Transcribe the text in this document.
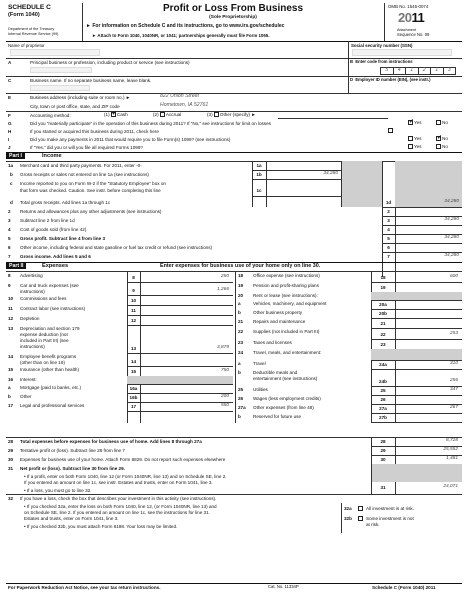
SCHEDULE C
(Form 1040)
Department of the Treasury
Internal Revenue Service (99)
Profit or Loss From Business
(Sole Proprietorship)
► For information on Schedule C and its instructions, go to www.irs.gov/schedulec
► Attach to Form 1040, 1040NR, or 1041; partnerships generally must file Form 1065.
OMB No. 1545-0074
2011
Attachment
Sequence No. 09
Name of proprietor	Social security number (SSN)
A	Principal business or profession, including product or service (see instructions)	B Enter code from instructions
5	4	1	2	1	3
C	Business name. If no separate business name, leave blank.	D Employer ID number (EIN), (see instr.)
E	Business address (including suite or room no.) ►	822 Union Street
City, town or post office, state, and ZIP code	Hometown, IA 52761
F	Accounting method:	(1) ✓ Cash	(2) Accrual	(3) Other (specify) ►
G	Did you “materially participate” in the operation of this business during 2011? If “No,” see instructions for limit on losses ✓	Yes	No
H	If you started or acquired this business during 2011, check here
I	Did you make any payments in 2011 that would require you to file Form(s) 1099? (see instructions)	Yes ✓	No
J	If “Yes,” did you or will you file all required Forms 1099?	Yes	No
Part I	Income
1a Merchant card and third party payments. For 2011, enter -0-	1a
b Gross receipts or sales not entered on line 1a (see instructions)	1b	34,280
c Income reported to you on Form W-2 if the “Statutory Employee” box on
that form was checked. Caution. See instr. before completing this line	1c
d Total gross receipts. Add lines 1a through 1c	1d	34,280
2 Returns and allowances plus any other adjustments (see instructions)	2
3 Subtract line 2 from line 1d	3	34,280
4 Cost of goods sold (from line 42)	4
5 Gross profit. Subtract line 4 from line 3	5	34,280
6 Other income, including federal and state gasoline or fuel tax credit or refund (see instructions)	6
7 Gross income. Add lines 5 and 6	7	34,280
Part II	Expenses	Enter expenses for business use of your home only on line 30.
For Paperwork Reduction Act Notice, see your tax return instructions.	Cat. No. 11334P	Schedule C (Form 1040) 2011
8 Advertising	8	250
9 Car and truck expenses (see
instructions)	9	1,266
10 Commissions and fees	10
11 Contract labor (see instructions)	11
12 Depletion	12
13 Depreciation and section 179
expense deduction (not
included in Part III) (see
instructions)	13	3,879
14 Employee benefit programs
(other than on line 19)	14
15 Insurance (other than health)	15	750
16 Interest:
a Mortgage (paid to banks, etc.)	16a
b Other	16b	200
17 Legal and professional services	17	550
18 Office expense (see instructions)	18	600
19 Pension and profit-sharing plans	19
20 Rent or lease (see instructions):
a	Vehicles, machinery, and equipment	20a
b	Other business property	20b
21 Repairs and maintenance	21
22 Supplies (not included in Part III)	22	253
23 Taxes and licenses	23
24 Travel, meals, and entertainment:
a	Travel	24a	310
b	Deductible meals and
entertainment (see instructions)
24b	256
25 Utilities	25	347
26 Wages (less employment credits)	26
27a Other expenses (from line 48)	27a	267
b	Reserved for future use	27b
28 Total expenses before expenses for business use of home. Add lines 8 through 27a	28	8,728
29 Tentative profit or (loss). Subtract line 28 from line 7	29	25,552
30 Expenses for business use of your home. Attach Form 8829. Do not report such expenses elsewhere	30	1,481
31 Net profit or (loss). Subtract line 30 from line 29.
• If a profit, enter on both Form 1040, line 12 (or Form 1040NR, line 13) and on Schedule SE, line 2.
If you entered an amount on line 1c, see instr. Estates and trusts, enter on Form 1041, line 3.
• If a loss, you must go to line 32.
31	24,071
32 If you have a loss, check the box that describes your investment in this activity (see instructions).
• If you checked 32a, enter the loss on both Form 1040, line 12, (or Form 1040NR, line 13) and
on Schedule SE, line 2. If you entered an amount on line 1c, see the instructions for line 31.
Estates and trusts, enter on Form 1041, line 3.
• If you checked 32b, you must attach Form 6198. Your loss may be limited.
32a	All investment is at risk.
32b	Some investment is not
at risk.
